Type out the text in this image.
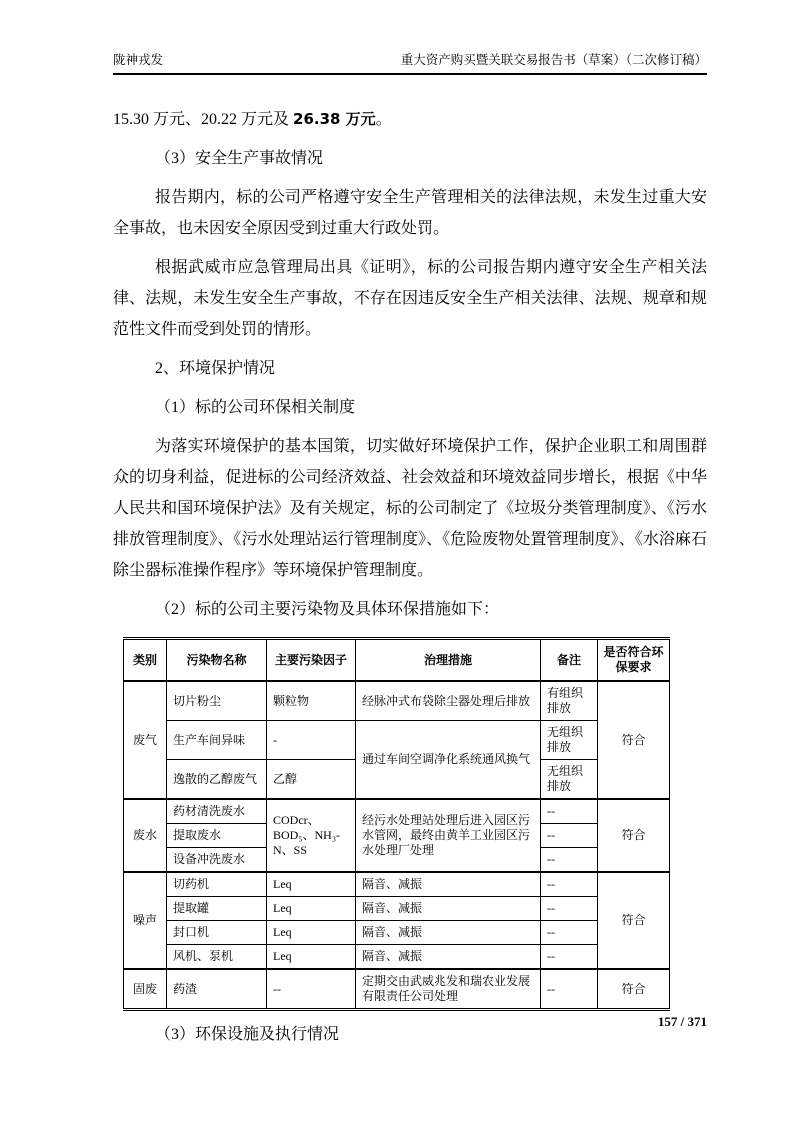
陇神戎发	重大资产购买暨关联交易报告书（草案）（二次修订稿）

15.30 万元、20.22 万元及 26.38 万元。

（3）安全生产事故情况

报告期内，标的公司严格遵守安全生产管理相关的法律法规，未发生过重大安全事故，也未因安全原因受到过重大行政处罚。

根据武威市应急管理局出具《证明》，标的公司报告期内遵守安全生产相关法律、法规，未发生安全生产事故，不存在因违反安全生产相关法律、法规、规章和规范性文件而受到处罚的情形。

2、环境保护情况
（1）标的公司环保相关制度

为落实环境保护的基本国策，切实做好环境保护工作，保护企业职工和周围群众的切身利益，促进标的公司经济效益、社会效益和环境效益同步增长，根据《中华人民共和国环境保护法》及有关规定，标的公司制定了《垃圾分类管理制度》、《污水排放管理制度》、《污水处理站运行管理制度》、《危险废物处置管理制度》、《水浴麻石除尘器标准操作程序》等环境保护管理制度。

（2）标的公司主要污染物及具体环保措施如下：
类别	污染物名称	主要污染因子	治理措施	备注	是否符合环保要求
废气	切片粉尘	颗粒物	经脉冲式布袋除尘器处理后排放	有组织排放	符合
	生产车间异味	-	通过车间空调净化系统通风换气	无组织排放	
	逸散的乙醇废气	乙醇		无组织排放	
废水	药材清洗废水	CODcr、BOD₅、NH₃-N、SS	经污水处理站处理后进入园区污水管网，最终由黄羊工业园区污水处理厂处理	--	符合
	提取废水			--	
	设备冲洗废水			--	
噪声	切药机	Leq	隔音、减振	--	符合
	提取罐	Leq	隔音、减振	--	
	封口机	Leq	隔音、减振	--	
	风机、泵机	Leq	隔音、减振	--	
固废	药渣	--	定期交由武威兆发和瑞农业发展有限责任公司处理	--	符合
（3）环保设施及执行情况
157 / 371
